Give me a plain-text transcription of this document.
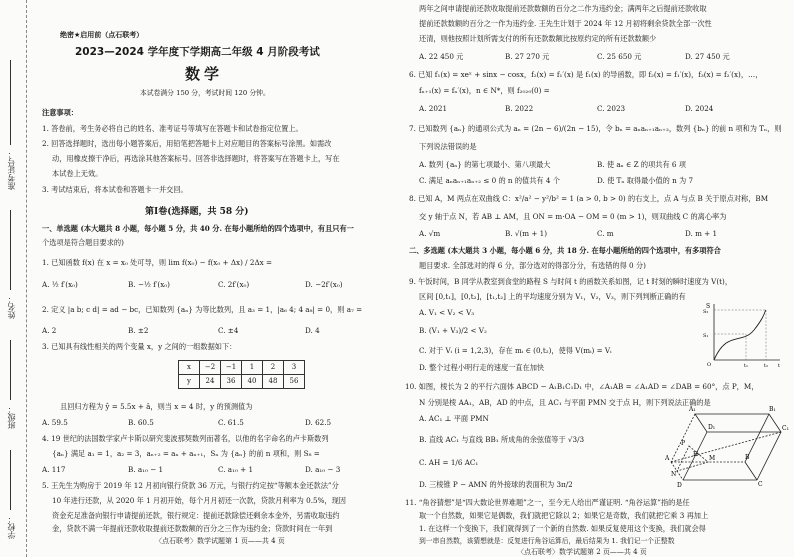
准考证号：
姓名：
班级：
学校：
绝密★启用前（点石联考）
2023—2024 学年度下学期高二年级 4 月阶段考试
数学
本试卷满分 150 分，考试时间 120 分钟。
注意事项：
1. 答卷前，考生务必将自己的姓名、准考证号等填写在答题卡和试卷指定位置上。
2. 回答选择题时，选出每小题答案后，用铅笔把答题卡上对应题目的答案标号涂黑。如需改
动，用橡皮擦干净后，再选涂其他答案标号。回答非选择题时，将答案写在答题卡上，写在
本试卷上无效。
3. 考试结束后，将本试卷和答题卡一并交回。
第Ⅰ卷(选择题，共 58 分)
一、单选题 (本大题共 8 小题，每小题 5 分，共 40 分. 在每小题所给的四个选项中，有且只有一
个选项是符合题目要求的)
1. 已知函数 f(x) 在 x = x₀ 处可导，则 lim f(x₀) − f(x₀ + Δx) / 2Δx =
A. ½ f′(x₀)	B. −½ f′(x₀)	C. 2f′(x₀)	D. −2f′(x₀)
2. 定义 |a b; c d| = ad − bc，已知数列 {aₙ} 为等比数列，且 a₃ = 1，|a₆ 4; 4 a₈| = 0，则 a₇ =
A. 2	B. ±2	C. ±4	D. 4
3. 已知具有线性相关的两个变量 x，y 之间的一组数据如下：
x	−2	−1	1	2	3
y	24	36	40	48	56
且回归方程为 ŷ = 5.5x + â，则当 x = 4 时，y 的预测值为
A. 59.5	B. 60.5	C. 61.5	D. 62.5
4. 19 世纪的法国数学家卢卡斯以研究斐波那契数列而著名，以他的名字命名的卢卡斯数列
{aₙ} 满足 a₁ = 1，a₂ = 3，aₙ₊₂ = aₙ + aₙ₊₁，Sₙ 为 {aₙ} 的前 n 项和，则 S₈ =
A. 117	B. a₁₀ − 1	C. a₁₀ + 1	D. a₁₀ − 3
5. 王先生为购房于 2019 年 12 月初向银行贷款 36 万元，与银行约定按“等额本金还款法”分
10 年进行还款，从 2020 年 1 月初开始，每个月月初还一次款，贷款月利率为 0.5%，现因
资金充足准备向银行申请提前还款，银行规定：提前还款除偿还剩余本金外，另需收取违约
金，贷款不满一年提前还款收取提前还款数额的百分之三作为违约金；贷款时间在一年到
〈点石联考〉数学试题第 1 页——共 4 页
两年之间申请提前还款收取提前还款数额的百分之二作为违约金；满两年之后提前还款收取
提前还款数额的百分之一作为违约金. 王先生计划于 2024 年 12 月初将剩余贷款全部一次性
还清，则他按照计划所需支付的所有还款数额比按原约定的所有还款数额少
A. 22 450 元	B. 27 270 元	C. 25 650 元	D. 27 450 元
6. 已知 f₁(x) = xeˣ + sinx − cosx，f₂(x) = f₁′(x) 是 f₁(x) 的导函数，即 f₂(x) = f₁′(x)，f₃(x) = f₂′(x)，…，
fₙ₊₁(x) = fₙ′(x)，n ∈ N*，则 f₂₀₂₀(0) =
A. 2021	B. 2022	C. 2023	D. 2024
7. 已知数列 {aₙ} 的通项公式为 aₙ = (2n − 6)/(2n − 15)，令 bₙ = aₙaₙ₊₁aₙ₊₂，数列 {bₙ} 的前 n 项和为 Tₙ，则
下列说法错误的是
A. 数列 {aₙ} 的第七项最小、第八项最大	B. 使 aₙ ∈ Z 的项共有 6 项
C. 满足 aₙaₙ₊₁aₙ₊₂ ≤ 0 的 n 的值共有 4 个	D. 使 Tₙ 取得最小值的 n 为 7
8. 已知 A，M 两点在双曲线 C：x²/a² − y²/b² = 1 (a > 0, b > 0) 的右支上，点 A 与点 B 关于原点对称，BM
交 y 轴于点 N，若 AB ⊥ AM，且 ON = m·OA − OM = 0 (m > 1)，则双曲线 C 的离心率为
A. √m	B. √(m + 1)	C. m	D. m + 1
二、多选题 (本大题共 3 小题，每小题 6 分，共 18 分. 在每小题所给的四个选项中，有多项符合
题目要求. 全部选对的得 6 分，部分选对的得部分分，有选错的得 0 分)
9. 午饭时间，B 同学从教室到食堂的路程 S 与时间 t 的函数关系如图，记 t 时刻的瞬时速度为 V(t)，
区间 [0,t₁]，[0,t₂]，[t₁,t₂] 上的平均速度分别为 V₁，V₂，V₃，则下列判断正确的有
A. V₁ < V₂ < V₃
B. (V₁ + V₃)/2 < V₂
C. 对于 Vᵢ (i = 1,2,3)，存在 mᵢ ∈ (0,t₂)，使得 V(mᵢ) = Vᵢ
D. 整个过程小明行走的速度一直在加快
S
S₂
S₁
O	t₁	t₂ t
10. 如图，棱长为 2 的平行六面体 ABCD − A₁B₁C₁D₁ 中，∠A₁AB = ∠A₁AD = ∠DAB = 60°，点 P，M，
N 分别是棱 AA₁，AB，AD 的中点，且 AC₁ 与平面 PMN 交于点 H，则下列说法正确的是
A. AC₁ ⊥ 平面 PMN
B. 直线 AC₁ 与直线 BB₁ 所成角的余弦值等于 √3/3
C. AH = 1/6 AC₁
D. 三棱锥 P − AMN 的外接球的表面积为 3π/2
A₁	B₁
C₁
D₁
P
A	B
C
D
M
N
H
11. “角谷猜想”是“四大数论世界难题”之一，至今无人给出严谨证明. “角谷运算”指的是任
取一个自然数，如果它是偶数，我们就把它除以 2；如果它是奇数，我们就把它乘 3 再加上
1. 在这样一个变换下，我们就得到了一个新的自然数. 如果反复使用这个变换，我们就会得
到一串自然数，该猜想就是：反复进行角谷运算后，最后结果为 1. 我们记一个正整数
〈点石联考〉数学试题第 2 页——共 4 页
